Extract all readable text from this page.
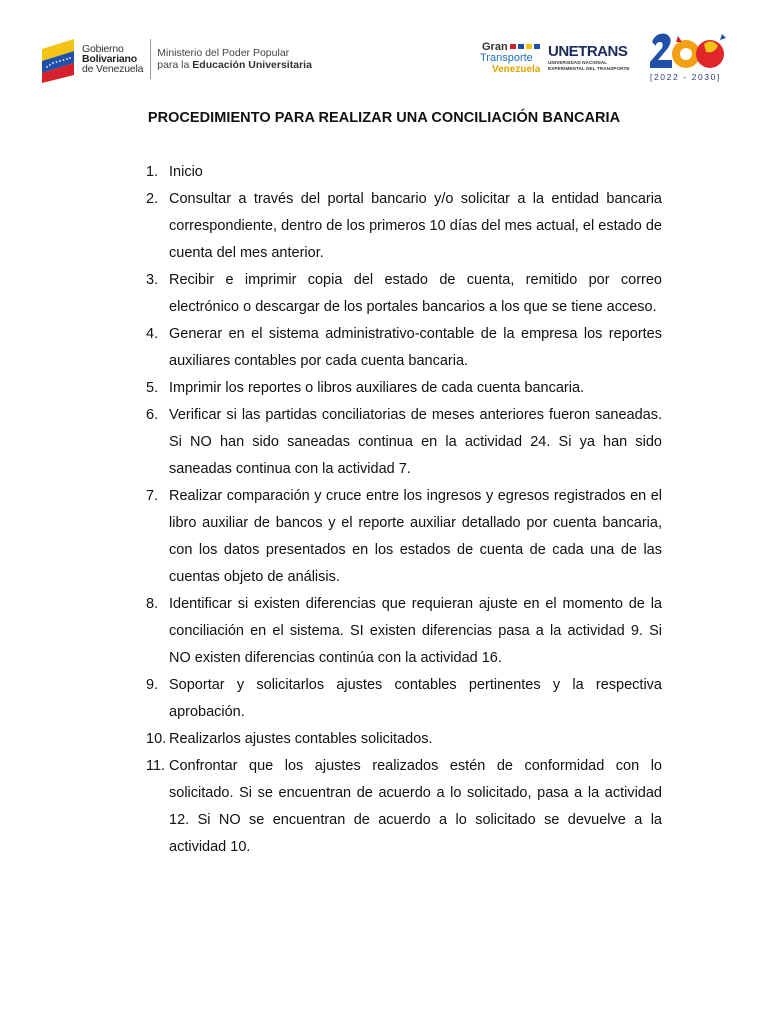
Gobierno
Bolivariano
de Venezuela
Ministerio del Poder Popular
para la Educación Universitaria
Gran
Transporte
Venezuela
UNETRANS
UNIVERSIDAD NACIONAL
EXPERIMENTAL DEL TRANSPORTE
[2022 - 2030]
PROCEDIMIENTO PARA REALIZAR UNA CONCILIACIÓN BANCARIA
1. Inicio
2. Consultar a través del portal bancario y/o solicitar a la entidad bancaria correspondiente, dentro de los primeros 10 días del mes actual, el estado de cuenta del mes anterior.
3. Recibir e imprimir copia del estado de cuenta, remitido por correo electrónico o descargar de los portales bancarios a los que se tiene acceso.
4. Generar en el sistema administrativo-contable de la empresa los reportes auxiliares contables por cada cuenta bancaria.
5. Imprimir los reportes o libros auxiliares de cada cuenta bancaria.
6. Verificar si las partidas conciliatorias de meses anteriores fueron saneadas. Si NO han sido saneadas continua en la actividad 24. Si ya han sido saneadas continua con la actividad 7.
7. Realizar comparación y cruce entre los ingresos y egresos registrados en el libro auxiliar de bancos y el reporte auxiliar detallado por cuenta bancaria, con los datos presentados en los estados de cuenta de cada una de las cuentas objeto de análisis.
8. Identificar si existen diferencias que requieran ajuste en el momento de la conciliación en el sistema. SI existen diferencias pasa a la actividad 9. Si NO existen diferencias continúa con la actividad 16.
9. Soportar y solicitarlos ajustes contables pertinentes y la respectiva aprobación.
10. Realizarlos ajustes contables solicitados.
11. Confrontar que los ajustes realizados estén de conformidad con lo solicitado. Si se encuentran de acuerdo a lo solicitado, pasa a la actividad 12. Si NO se encuentran de acuerdo a lo solicitado se devuelve a la actividad 10.
